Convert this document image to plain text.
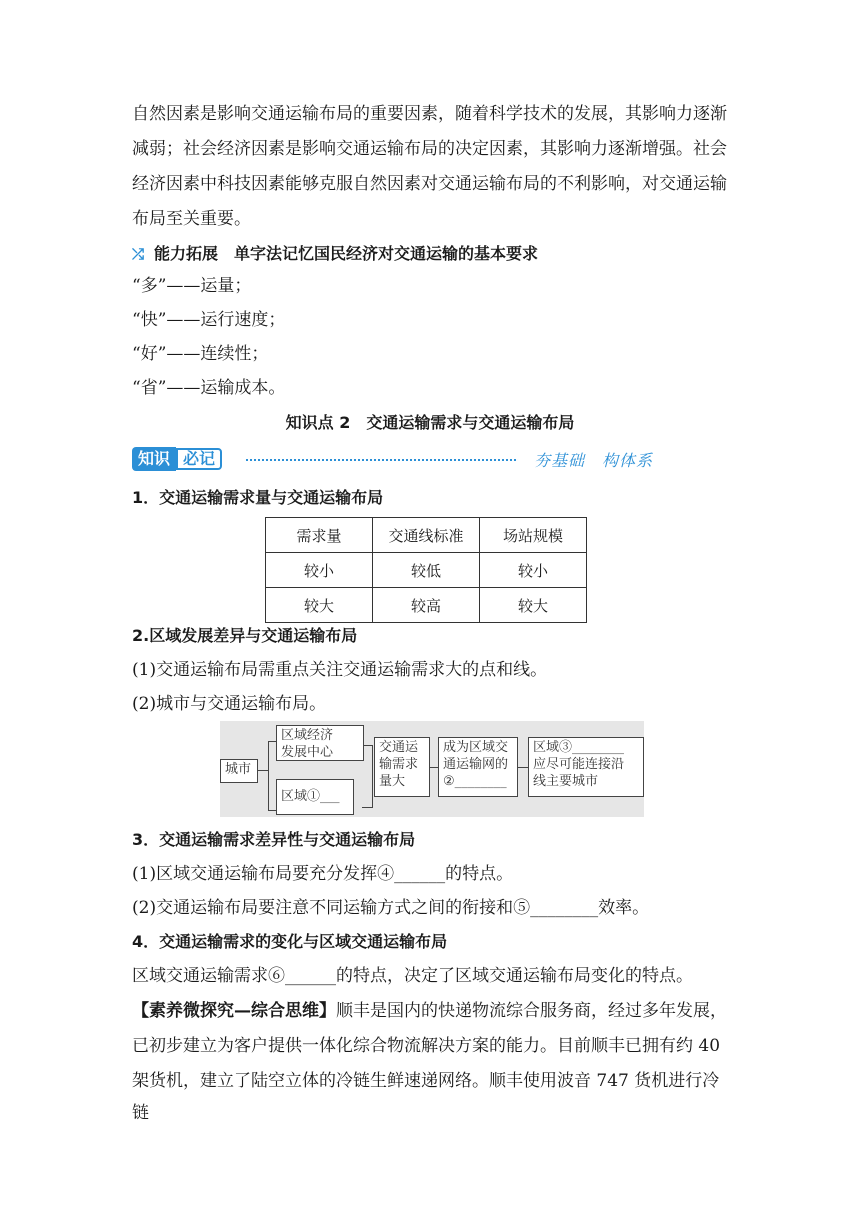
自然因素是影响交通运输布局的重要因素，随着科学技术的发展，其影响力逐渐

减弱；社会经济因素是影响交通运输布局的决定因素，其影响力逐渐增强。社会

经济因素中科技因素能够克服自然因素对交通运输布局的不利影响，对交通运输

布局至关重要。

⤮ 能力拓展　单字法记忆国民经济对交通运输的基本要求

“多”——运量；

“快”——运行速度；

“好”——连续性；

“省”——运输成本。

知识点 2　交通运输需求与交通运输布局
知识 必记	夯基础　构体系

1．交通运输需求量与交通运输布局

需求量	交通线标准	场站规模
较小	较低	较小
较大	较高	较大

2.区域发展差异与交通运输布局

(1)交通运输布局需重点关注交通运输需求大的点和线。

(2)城市与交通运输布局。

城市
区域经济
发展中心
区域①___
交通运
输需求
量大
成为区域交
通运输网的
②________
区域③________
应尽可能连接沿
线主要城市

3．交通运输需求差异性与交通运输布局

(1)区域交通运输布局要充分发挥④______的特点。

(2)交通运输布局要注意不同运输方式之间的衔接和⑤________效率。

4．交通运输需求的变化与区域交通运输布局

区域交通运输需求⑥______的特点，决定了区域交通运输布局变化的特点。

【素养微探究—综合思维】顺丰是国内的快递物流综合服务商，经过多年发展，

已初步建立为客户提供一体化综合物流解决方案的能力。目前顺丰已拥有约 40

架货机，建立了陆空立体的冷链生鲜速递网络。顺丰使用波音 747 货机进行冷链
